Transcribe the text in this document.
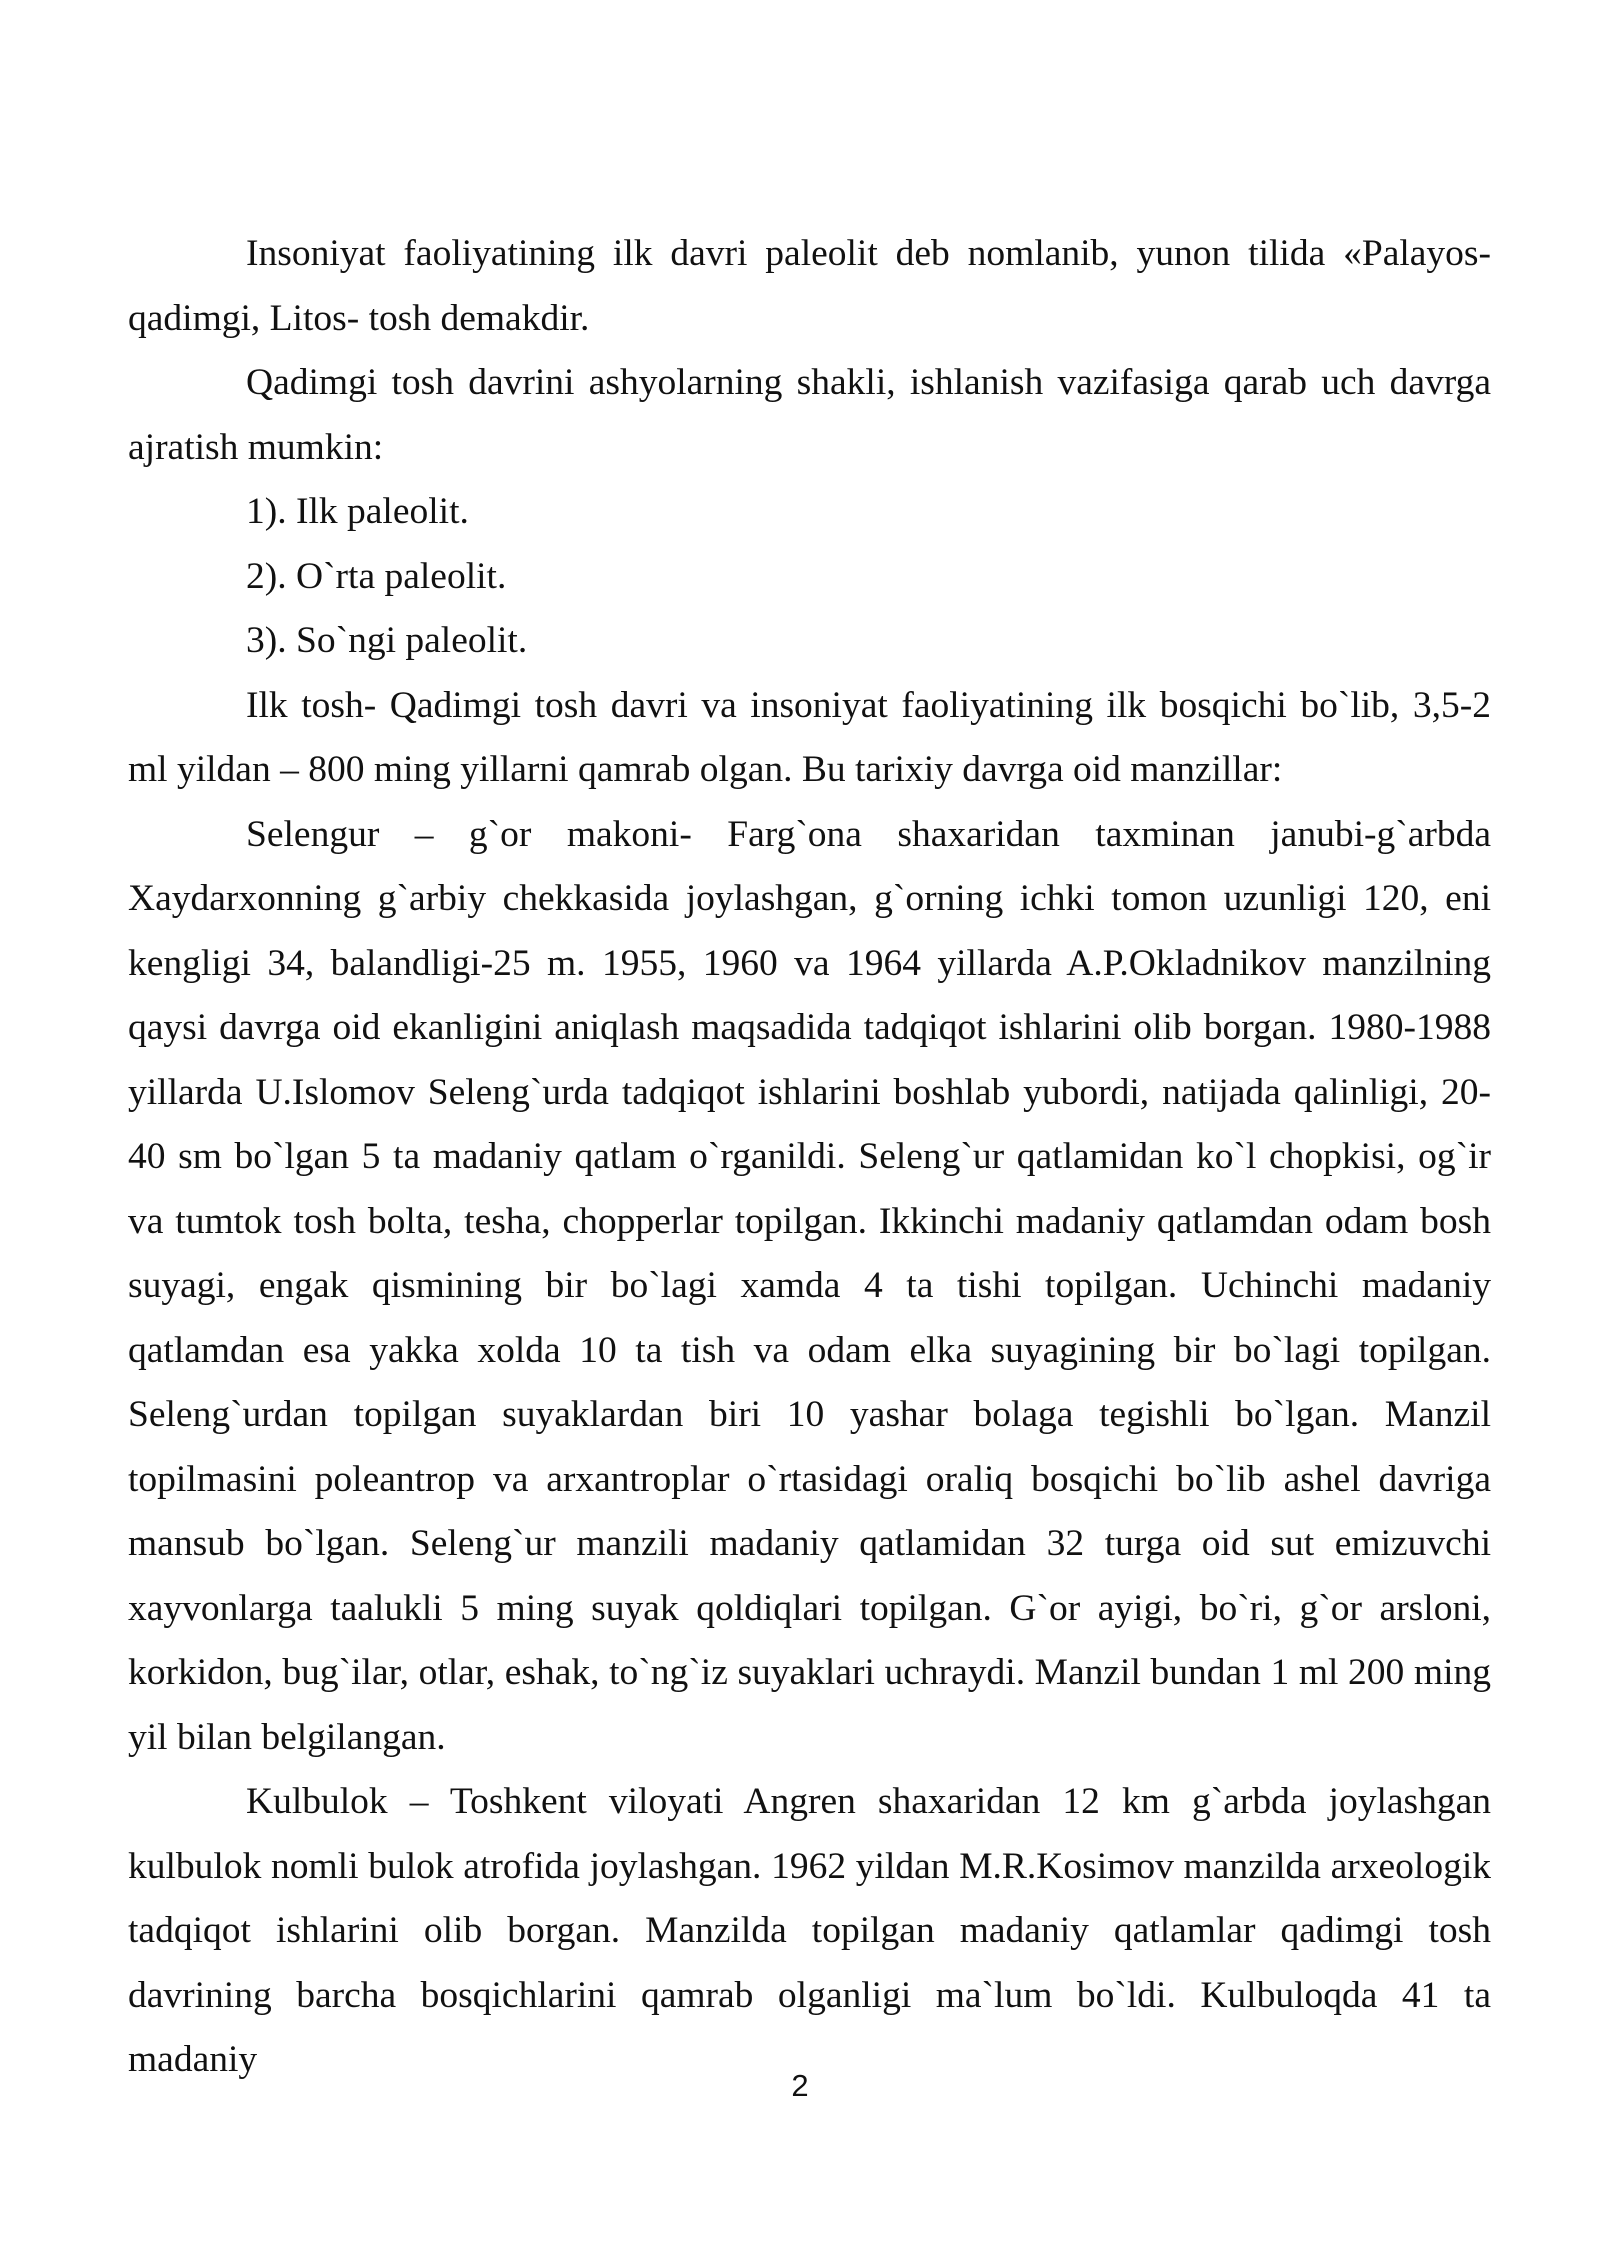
Insoniyat faoliyatining ilk davri paleolit deb nomlanib, yunon tilida «Palayos-qadimgi, Litos- tosh demakdir.

Qadimgi tosh davrini ashyolarning shakli, ishlanish vazifasiga qarab uch davrga ajratish mumkin:

1). Ilk paleolit.

2). O`rta paleolit.

3). So`ngi paleolit.

Ilk tosh- Qadimgi tosh davri va insoniyat faoliyatining ilk bosqichi bo`lib, 3,5-2 ml yildan – 800 ming yillarni qamrab olgan. Bu tarixiy davrga oid manzillar:

Selengur – g`or makoni- Farg`ona shaxaridan taxminan janubi-g`arbda Xaydarxonning g`arbiy chekkasida joylashgan, g`orning ichki tomon uzunligi 120, eni kengligi 34, balandligi-25 m. 1955, 1960 va 1964 yillarda A.P.Okladnikov manzilning qaysi davrga oid ekanligini aniqlash maqsadida tadqiqot ishlarini olib borgan. 1980-1988 yillarda U.Islomov Seleng`urda tadqiqot ishlarini boshlab yubordi, natijada qalinligi, 20-40 sm bo`lgan 5 ta madaniy qatlam o`rganildi. Seleng`ur qatlamidan ko`l chopkisi, og`ir va tumtok tosh bolta, tesha, chopperlar topilgan. Ikkinchi madaniy qatlamdan odam bosh suyagi, engak qismining bir bo`lagi xamda 4 ta tishi topilgan. Uchinchi madaniy qatlamdan esa yakka xolda 10 ta tish va odam elka suyagining bir bo`lagi topilgan. Seleng`urdan topilgan suyaklardan biri 10 yashar bolaga tegishli bo`lgan. Manzil topilmasini poleantrop va arxantroplar o`rtasidagi oraliq bosqichi bo`lib ashel davriga mansub bo`lgan. Seleng`ur manzili madaniy qatlamidan 32 turga oid sut emizuvchi xayvonlarga taalukli 5 ming suyak qoldiqlari topilgan. G`or ayigi, bo`ri, g`or arsloni, korkidon, bug`ilar, otlar, eshak, to`ng`iz suyaklari uchraydi. Manzil bundan 1 ml 200 ming yil bilan belgilangan.

Kulbulok – Toshkent viloyati Angren shaxaridan 12 km g`arbda joylashgan kulbulok nomli bulok atrofida joylashgan. 1962 yildan M.R.Kosimov manzilda arxeologik tadqiqot ishlarini olib borgan. Manzilda topilgan madaniy qatlamlar qadimgi tosh davrining barcha bosqichlarini qamrab olganligi ma`lum bo`ldi. Kulbuloqda 41 ta madaniy

2
